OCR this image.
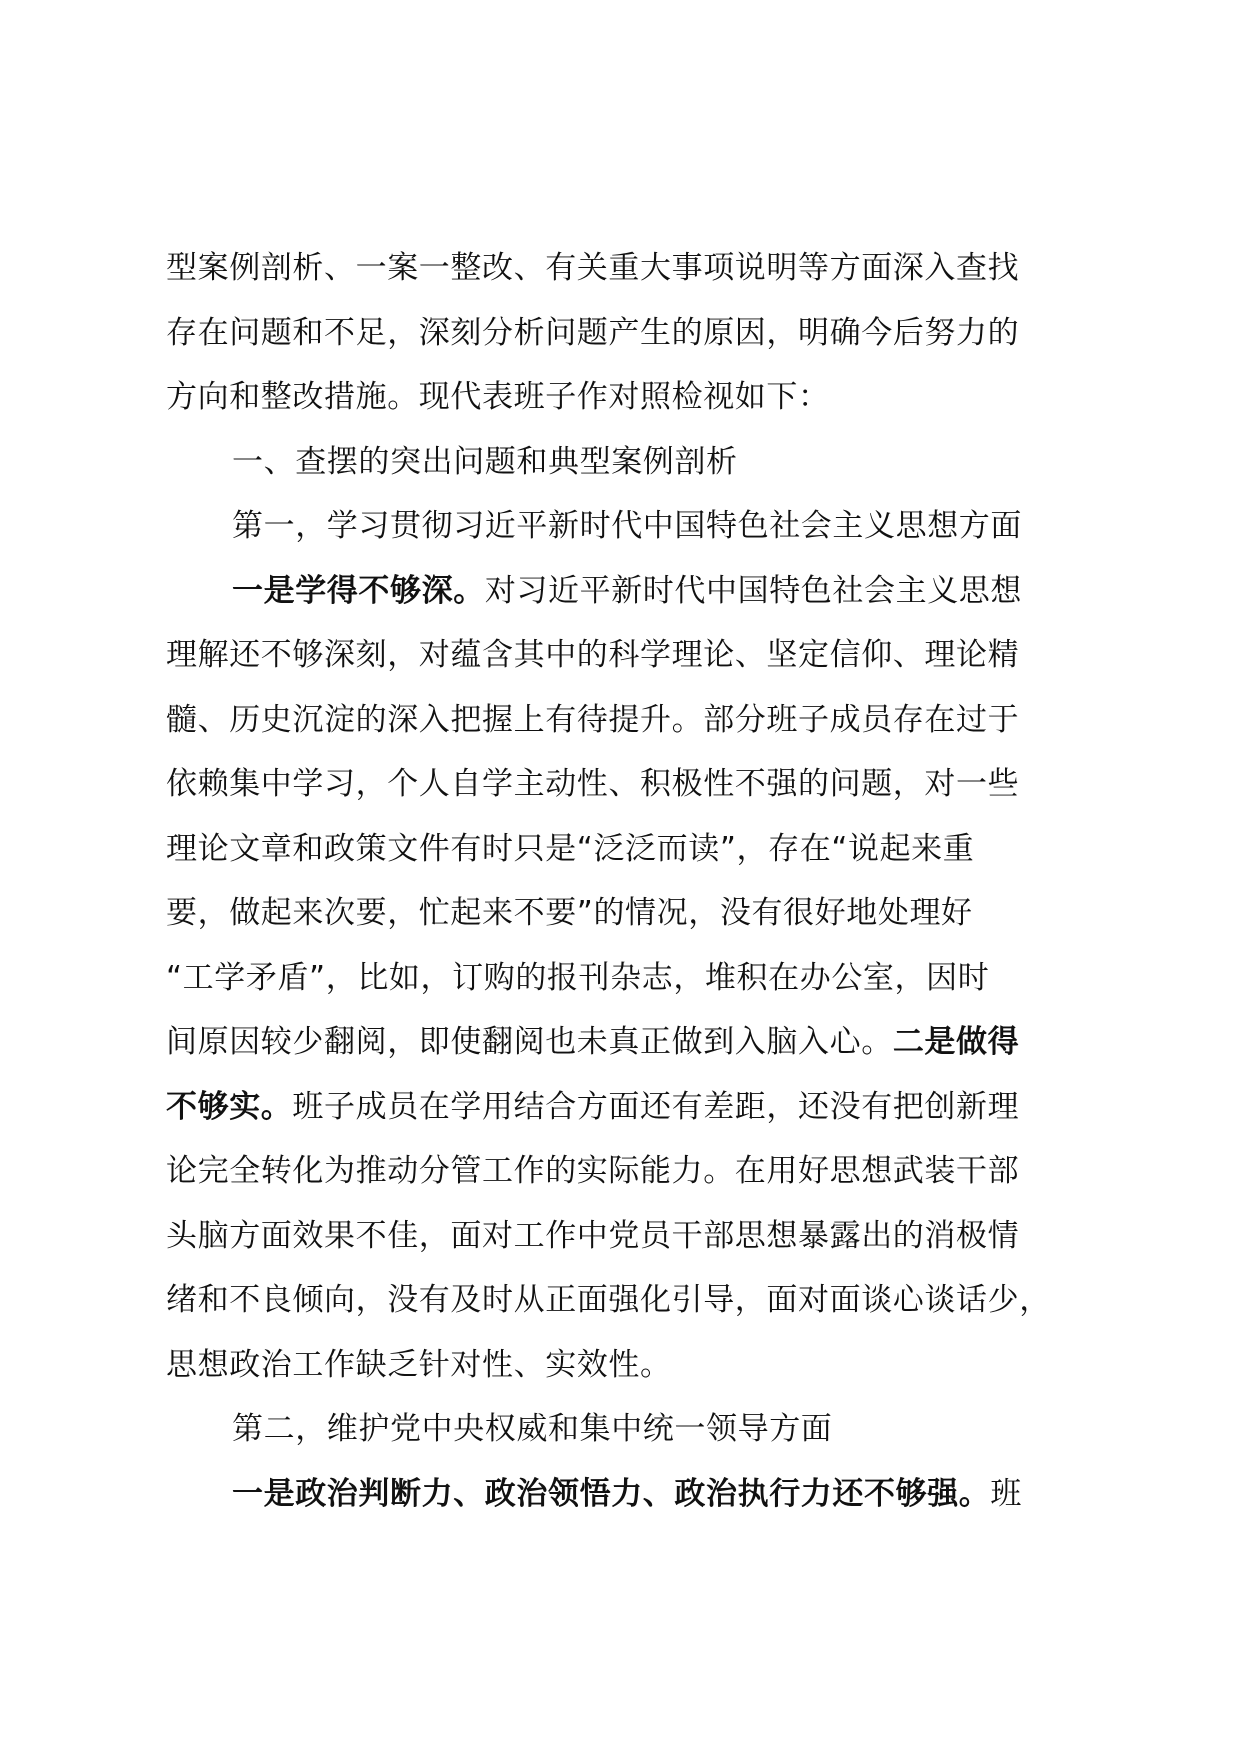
型案例剖析、一案一整改、有关重大事项说明等方面深入查找
存在问题和不足，深刻分析问题产生的原因，明确今后努力的
方向和整改措施。现代表班子作对照检视如下：
一、查摆的突出问题和典型案例剖析
第一，学习贯彻习近平新时代中国特色社会主义思想方面
一是学得不够深。对习近平新时代中国特色社会主义思想
理解还不够深刻，对蕴含其中的科学理论、坚定信仰、理论精
髓、历史沉淀的深入把握上有待提升。部分班子成员存在过于
依赖集中学习，个人自学主动性、积极性不强的问题，对一些
理论文章和政策文件有时只是“泛泛而读”，存在“说起来重
要，做起来次要，忙起来不要”的情况，没有很好地处理好
“工学矛盾”，比如，订购的报刊杂志，堆积在办公室，因时
间原因较少翻阅，即使翻阅也未真正做到入脑入心。二是做得
不够实。班子成员在学用结合方面还有差距，还没有把创新理
论完全转化为推动分管工作的实际能力。在用好思想武装干部
头脑方面效果不佳，面对工作中党员干部思想暴露出的消极情
绪和不良倾向，没有及时从正面强化引导，面对面谈心谈话少，
思想政治工作缺乏针对性、实效性。
第二，维护党中央权威和集中统一领导方面
一是政治判断力、政治领悟力、政治执行力还不够强。班
